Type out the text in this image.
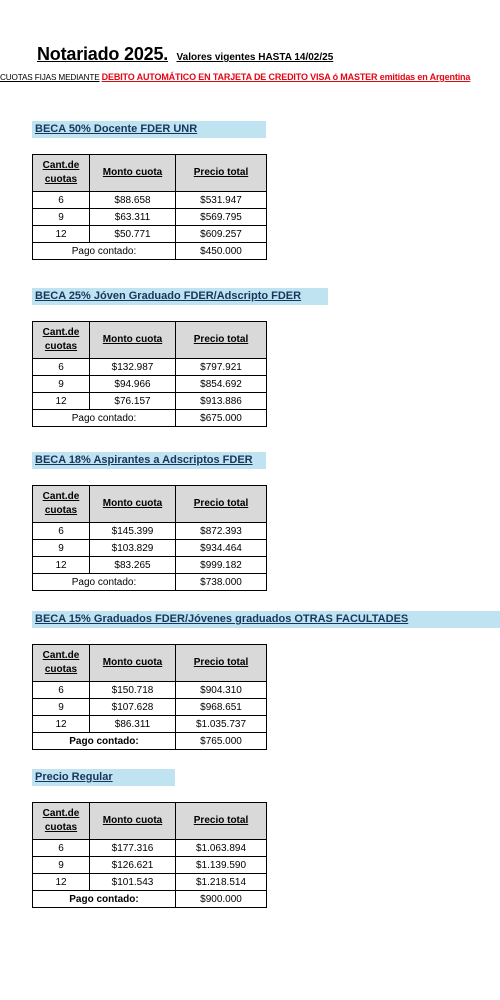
Notariado 2025. Valores vigentes HASTA 14/02/25
CUOTAS FIJAS MEDIANTE DEBITO AUTOMÁTICO EN TARJETA DE CREDITO VISA ó MASTER emitidas en Argentina
BECA 50% Docente FDER UNR
Cant.de cuotas	Monto cuota	Precio total
6	$88.658	$531.947
9	$63.311	$569.795
12	$50.771	$609.257
Pago contado:		$450.000
BECA 25% Jóven Graduado FDER/Adscripto FDER
Cant.de cuotas	Monto cuota	Precio total
6	$132.987	$797.921
9	$94.966	$854.692
12	$76.157	$913.886
Pago contado:		$675.000
BECA 18% Aspirantes a Adscriptos FDER
Cant.de cuotas	Monto cuota	Precio total
6	$145.399	$872.393
9	$103.829	$934.464
12	$83.265	$999.182
Pago contado:		$738.000
BECA 15% Graduados FDER/Jóvenes graduados OTRAS FACULTADES
Cant.de cuotas	Monto cuota	Precio total
6	$150.718	$904.310
9	$107.628	$968.651
12	$86.311	$1.035.737
Pago contado:		$765.000
Precio Regular
Cant.de cuotas	Monto cuota	Precio total
6	$177.316	$1.063.894
9	$126.621	$1.139.590
12	$101.543	$1.218.514
Pago contado:		$900.000
